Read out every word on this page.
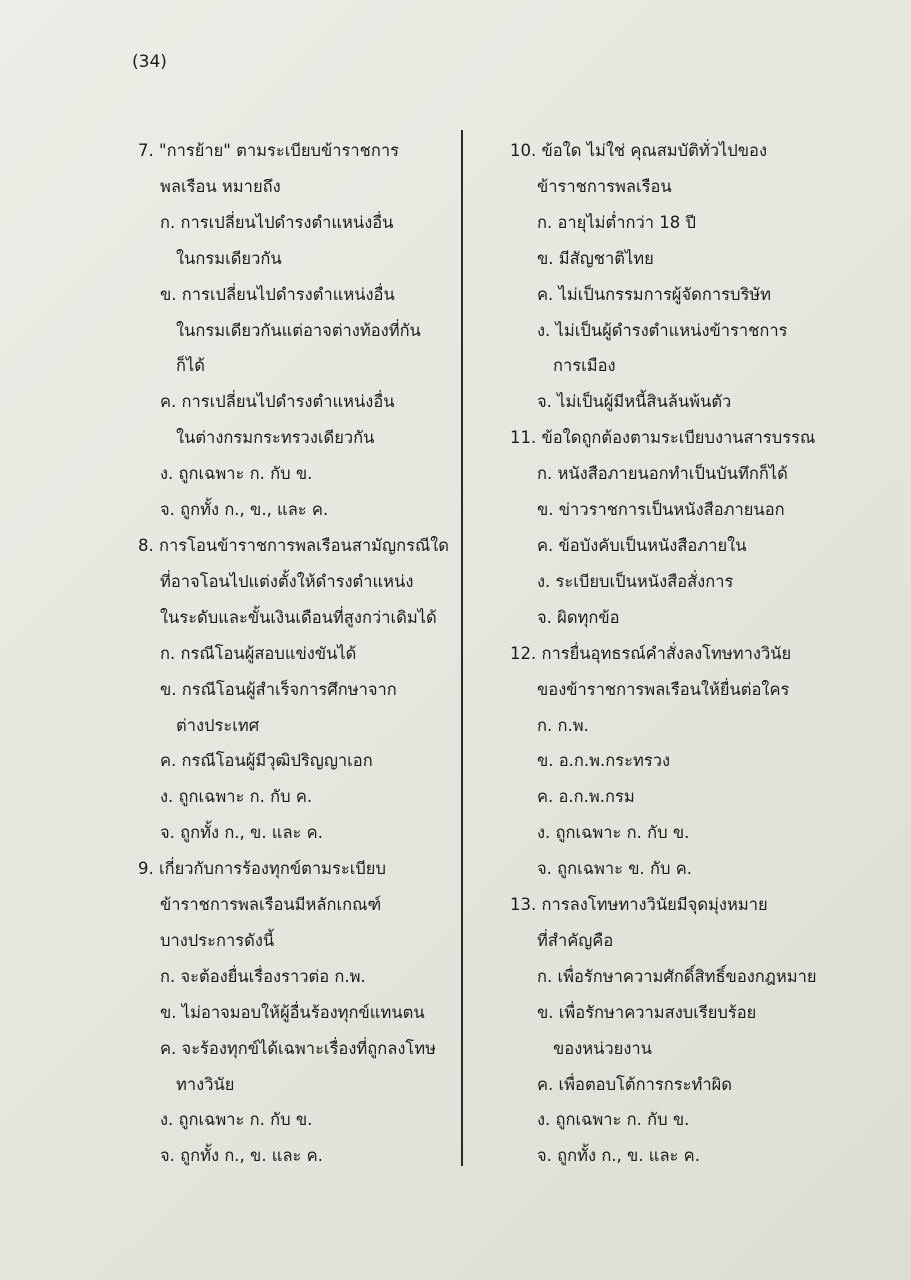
(34)
7. "การย้าย" ตามระเบียบข้าราชการ
พลเรือน หมายถึง
ก. การเปลี่ยนไปดำรงตำแหน่งอื่น
ในกรมเดียวกัน
ข. การเปลี่ยนไปดำรงตำแหน่งอื่น
ในกรมเดียวกันแต่อาจต่างท้องที่กัน
ก็ได้
ค. การเปลี่ยนไปดำรงตำแหน่งอื่น
ในต่างกรมกระทรวงเดียวกัน
ง. ถูกเฉพาะ ก. กับ ข.
จ. ถูกทั้ง ก., ข., และ ค.
8. การโอนข้าราชการพลเรือนสามัญกรณีใด
ที่อาจโอนไปแต่งตั้งให้ดำรงตำแหน่ง
ในระดับและขั้นเงินเดือนที่สูงกว่าเดิมได้
ก. กรณีโอนผู้สอบแข่งขันได้
ข. กรณีโอนผู้สำเร็จการศึกษาจาก
ต่างประเทศ
ค. กรณีโอนผู้มีวุฒิปริญญาเอก
ง. ถูกเฉพาะ ก. กับ ค.
จ. ถูกทั้ง ก., ข. และ ค.
9. เกี่ยวกับการร้องทุกข์ตามระเบียบ
ข้าราชการพลเรือนมีหลักเกณฑ์
บางประการดังนี้
ก. จะต้องยื่นเรื่องราวต่อ ก.พ.
ข. ไม่อาจมอบให้ผู้อื่นร้องทุกข์แทนตน
ค. จะร้องทุกข์ได้เฉพาะเรื่องที่ถูกลงโทษ
ทางวินัย
ง. ถูกเฉพาะ ก. กับ ข.
จ. ถูกทั้ง ก., ข. และ ค.
10. ข้อใด ไม่ใช่ คุณสมบัติทั่วไปของ
ข้าราชการพลเรือน
ก. อายุไม่ต่ำกว่า 18 ปี
ข. มีสัญชาติไทย
ค. ไม่เป็นกรรมการผู้จัดการบริษัท
ง. ไม่เป็นผู้ดำรงตำแหน่งข้าราชการ
การเมือง
จ. ไม่เป็นผู้มีหนี้สินล้นพ้นตัว
11. ข้อใดถูกต้องตามระเบียบงานสารบรรณ
ก. หนังสือภายนอกทำเป็นบันทึกก็ได้
ข. ข่าวราชการเป็นหนังสือภายนอก
ค. ข้อบังคับเป็นหนังสือภายใน
ง. ระเบียบเป็นหนังสือสั่งการ
จ. ผิดทุกข้อ
12. การยื่นอุทธรณ์คำสั่งลงโทษทางวินัย
ของข้าราชการพลเรือนให้ยื่นต่อใคร
ก. ก.พ.
ข. อ.ก.พ.กระทรวง
ค. อ.ก.พ.กรม
ง. ถูกเฉพาะ ก. กับ ข.
จ. ถูกเฉพาะ ข. กับ ค.
13. การลงโทษทางวินัยมีจุดมุ่งหมาย
ที่สำคัญคือ
ก. เพื่อรักษาความศักดิ์สิทธิ์ของกฎหมาย
ข. เพื่อรักษาความสงบเรียบร้อย
ของหน่วยงาน
ค. เพื่อตอบโต้การกระทำผิด
ง. ถูกเฉพาะ ก. กับ ข.
จ. ถูกทั้ง ก., ข. และ ค.
